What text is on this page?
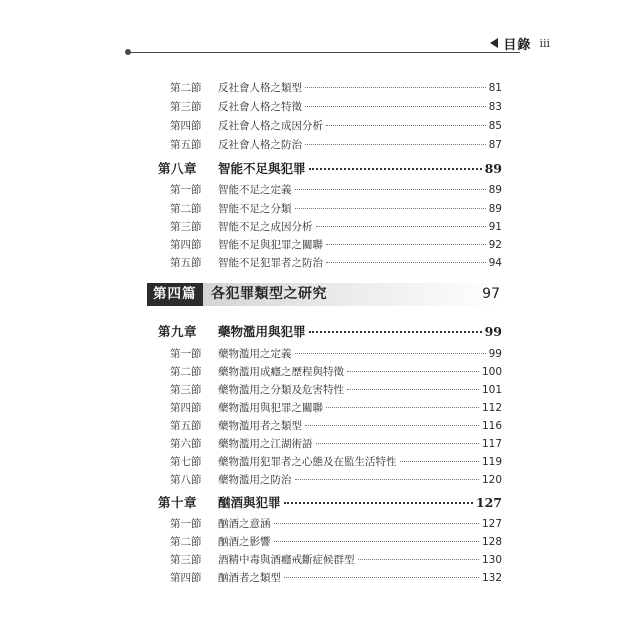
目錄 iii
第二節	反社會人格之類型	81
第三節	反社會人格之特徵	83
第四節	反社會人格之成因分析	85
第五節	反社會人格之防治	87
第八章	智能不足與犯罪	89
第一節	智能不足之定義	89
第二節	智能不足之分類	89
第三節	智能不足之成因分析	91
第四節	智能不足與犯罪之關聯	92
第五節	智能不足犯罪者之防治	94
第四篇	各犯罪類型之研究	97
第九章	藥物濫用與犯罪	99
第一節	藥物濫用之定義	99
第二節	藥物濫用成癮之歷程與特徵	100
第三節	藥物濫用之分類及危害特性	101
第四節	藥物濫用與犯罪之關聯	112
第五節	藥物濫用者之類型	116
第六節	藥物濫用之江湖術語	117
第七節	藥物濫用犯罪者之心態及在監生活特性	119
第八節	藥物濫用之防治	120
第十章	酗酒與犯罪	127
第一節	酗酒之意涵	127
第二節	酗酒之影響	128
第三節	酒精中毒與酒癮戒斷症候群型	130
第四節	酗酒者之類型	132
